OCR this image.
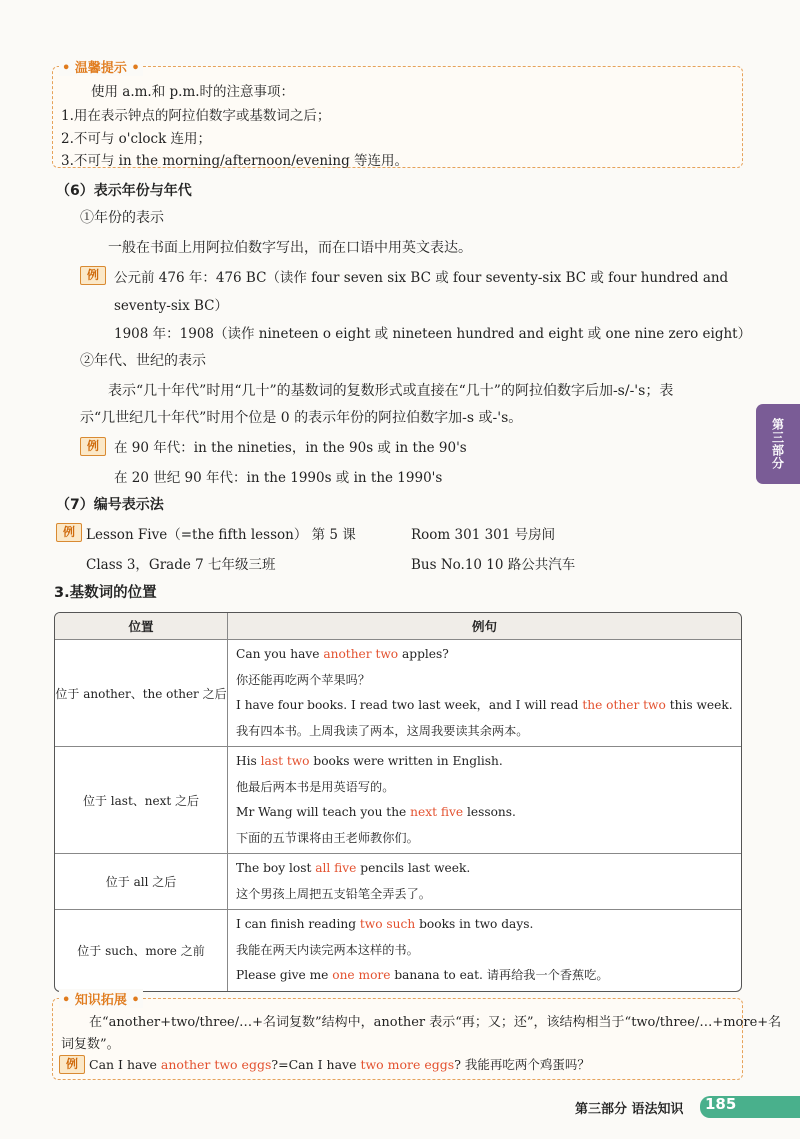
• 温馨提示 •
使用 a.m.和 p.m.时的注意事项：
1.用在表示钟点的阿拉伯数字或基数词之后；
2.不可与 o'clock 连用；
3.不可与 in the morning/afternoon/evening 等连用。
（6）表示年份与年代
①年份的表示
一般在书面上用阿拉伯数字写出，而在口语中用英文表达。
例	公元前 476 年：476 BC（读作 four seven six BC 或 four seventy-six BC 或 four hundred and
seventy-six BC）
1908 年：1908（读作 nineteen o eight 或 nineteen hundred and eight 或 one nine zero eight）
②年代、世纪的表示
表示“几十年代”时用“几十”的基数词的复数形式或直接在“几十”的阿拉伯数字后加-s/-'s；表
示“几世纪几十年代”时用个位是 0 的表示年份的阿拉伯数字加-s 或-'s。
例	在 90 年代：in the nineties，in the 90s 或 in the 90's
在 20 世纪 90 年代：in the 1990s 或 in the 1990's
（7）编号表示法
例 Lesson Five（=the fifth lesson） 第 5 课	Room 301 301 号房间
Class 3，Grade 7 七年级三班	Bus No.10 10 路公共汽车
3.基数词的位置
第三部分
位置	例句
位于 another、the other 之后
Can you have another two apples?
你还能再吃两个苹果吗？
I have four books. I read two last week，and I will read the other two this week.
我有四本书。上周我读了两本，这周我要读其余两本。
位于 last、next 之后
His last two books were written in English.
他最后两本书是用英语写的。
Mr Wang will teach you the next five lessons.
下面的五节课将由王老师教你们。
位于 all 之后
The boy lost all five pencils last week.
这个男孩上周把五支铅笔全弄丢了。
位于 such、more 之前
I can finish reading two such books in two days.
我能在两天内读完两本这样的书。
Please give me one more banana to eat. 请再给我一个香蕉吃。
• 知识拓展 •
在“another+two/three/…+名词复数”结构中，another 表示“再；又；还”，该结构相当于“two/three/…+more+名
词复数”。
例 Can I have another two eggs?=Can I have two more eggs? 我能再吃两个鸡蛋吗？
第三部分 语法知识 185
